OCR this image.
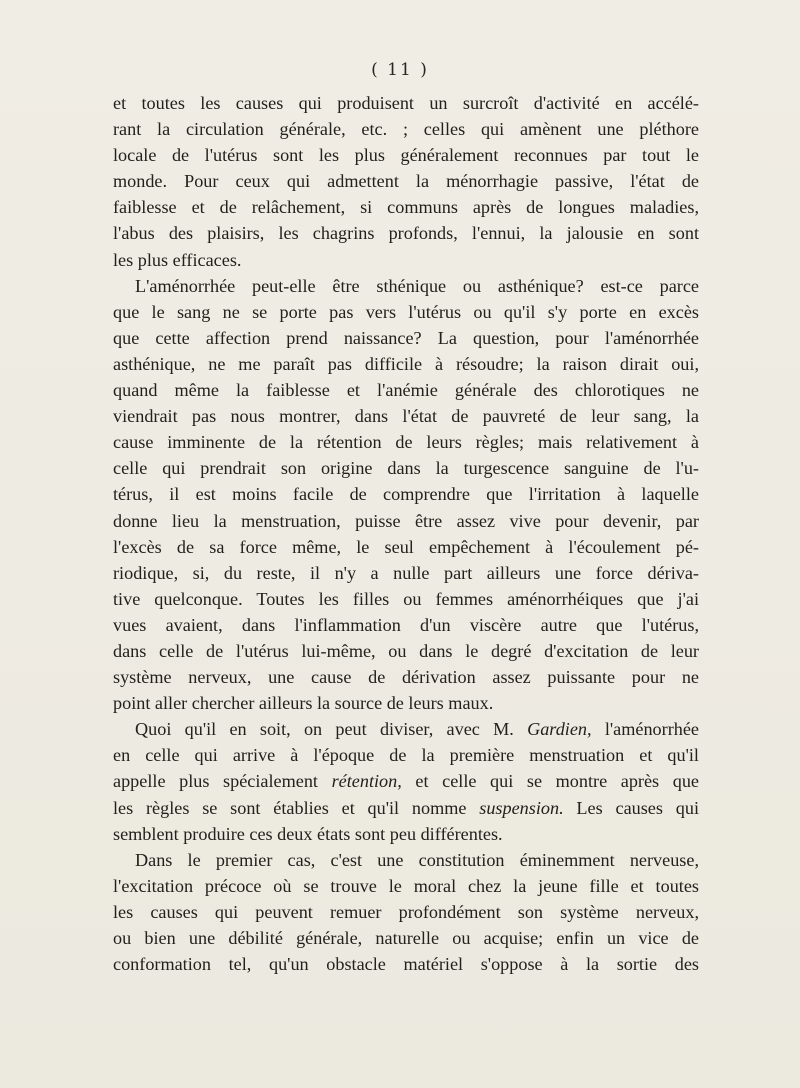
( 11 )
et toutes les causes qui produisent un surcroît d'activité en accélé-
rant la circulation générale, etc. ; celles qui amènent une pléthore
locale de l'utérus sont les plus généralement reconnues par tout le
monde. Pour ceux qui admettent la ménorrhagie passive, l'état de
faiblesse et de relâchement, si communs après de longues maladies,
l'abus des plaisirs, les chagrins profonds, l'ennui, la jalousie en sont
les plus efficaces.
L'aménorrhée peut-elle être sthénique ou asthénique? est-ce parce
que le sang ne se porte pas vers l'utérus ou qu'il s'y porte en excès
que cette affection prend naissance? La question, pour l'aménorrhée
asthénique, ne me paraît pas difficile à résoudre; la raison dirait oui,
quand même la faiblesse et l'anémie générale des chlorotiques ne
viendrait pas nous montrer, dans l'état de pauvreté de leur sang, la
cause imminente de la rétention de leurs règles; mais relativement à
celle qui prendrait son origine dans la turgescence sanguine de l'u-
térus, il est moins facile de comprendre que l'irritation à laquelle
donne lieu la menstruation, puisse être assez vive pour devenir, par
l'excès de sa force même, le seul empêchement à l'écoulement pé-
riodique, si, du reste, il n'y a nulle part ailleurs une force dériva-
tive quelconque. Toutes les filles ou femmes aménorrhéiques que j'ai
vues avaient, dans l'inflammation d'un viscère autre que l'utérus,
dans celle de l'utérus lui-même, ou dans le degré d'excitation de leur
système nerveux, une cause de dérivation assez puissante pour ne
point aller chercher ailleurs la source de leurs maux.
Quoi qu'il en soit, on peut diviser, avec M. Gardien, l'aménorrhée
en celle qui arrive à l'époque de la première menstruation et qu'il
appelle plus spécialement rétention, et celle qui se montre après que
les règles se sont établies et qu'il nomme suspension. Les causes qui
semblent produire ces deux états sont peu différentes.
Dans le premier cas, c'est une constitution éminemment nerveuse,
l'excitation précoce où se trouve le moral chez la jeune fille et toutes
les causes qui peuvent remuer profondément son système nerveux,
ou bien une débilité générale, naturelle ou acquise; enfin un vice de
conformation tel, qu'un obstacle matériel s'oppose à la sortie des
